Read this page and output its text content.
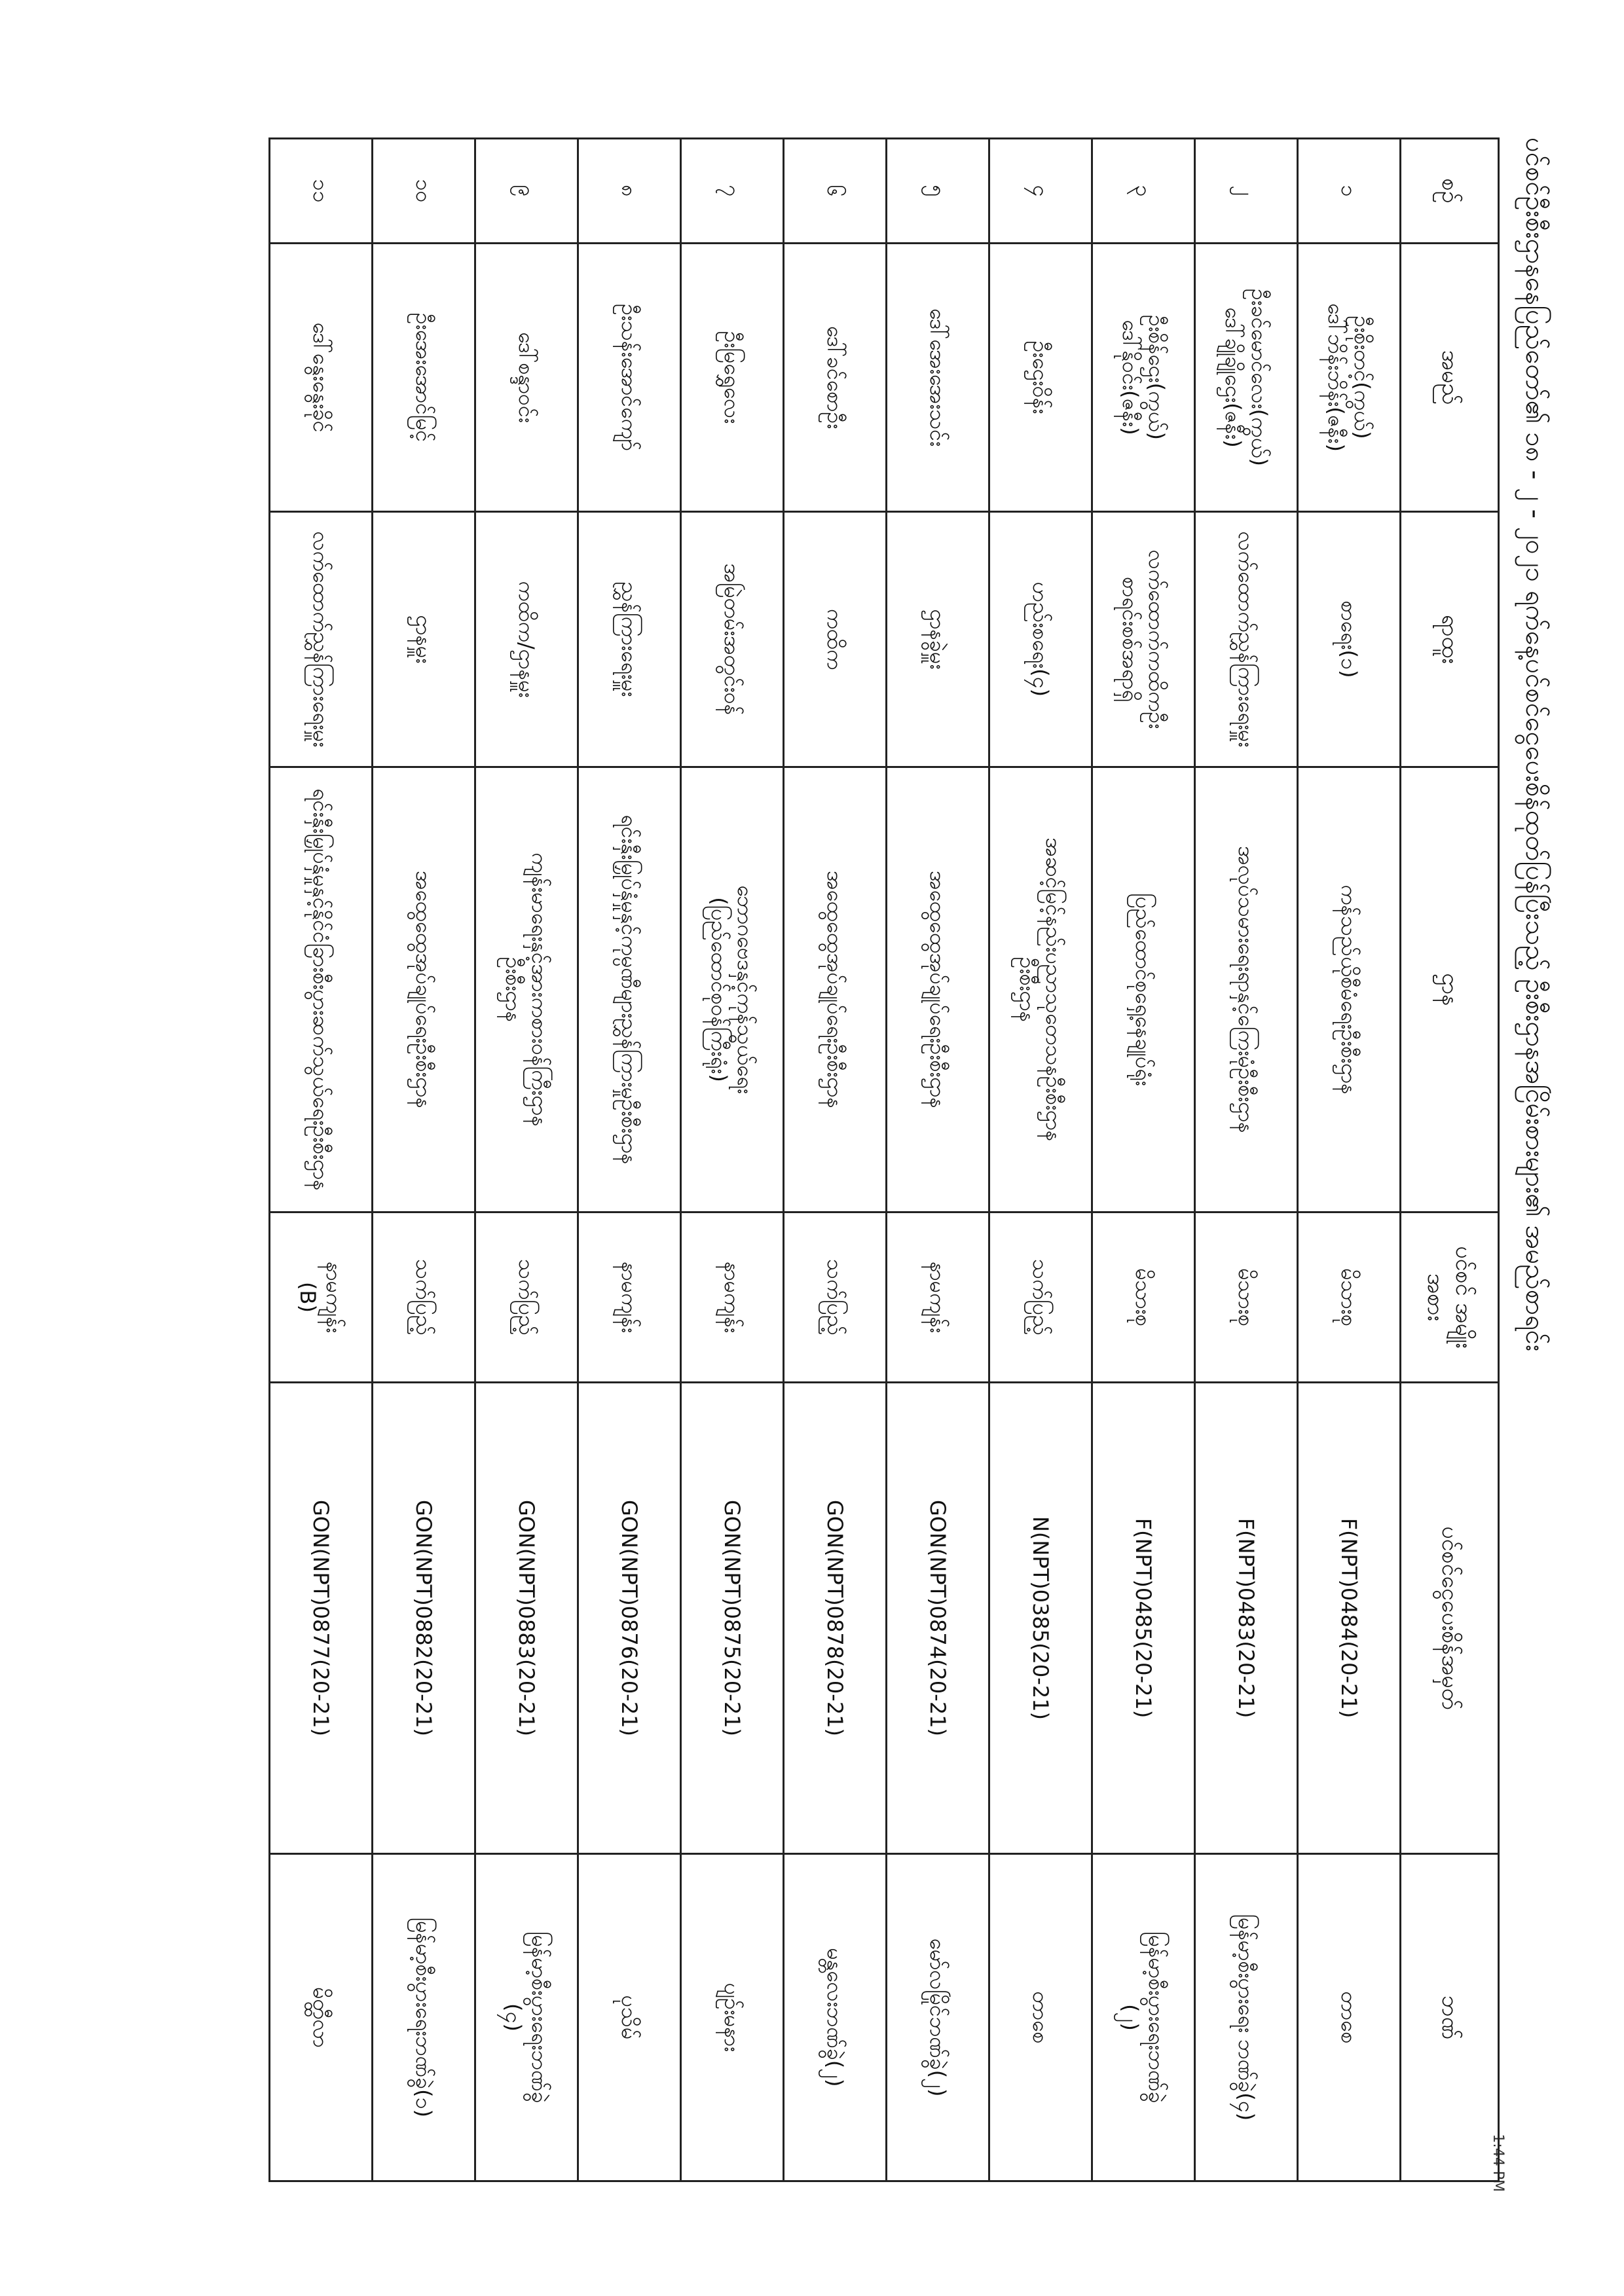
ပင်စင်ဦးစီးဌာနနေပြည်တော်၏ ၁၈ - ၂ - ၂၀၂၁ ရက်နေ့ပင်စင်ငွေပေးစိန်ထုတ်ပြန်ပြီးသည့် ဦးစီးဌာနအငြိမ်းစားများ၏ အမည်စာရင်း
1:44 PM
စဉ်	အမည်	ရာထူး	ဌာန	ပင်စင် အမျိုးအစား	ပင်စင်ငွေပေးစိန်အမှတ်	ဘဏ်
၁	ဦးစိုးတင့်(ကွယ်)
ဒေါ်ဘိန်းဘိန်း(ဇနီး)	စာရေး(၁)	ကန်သည်ယိုစီမံရေးဦးစီးဌာန	မိသားစု	F(NPT)0484(20-21)	တာစေ

၂	ဦးခင်မောင်လေး(ကွယ်)
ဒေါ်ချိုချိုဌေး(ဇနီး)	လက်ထောက်ညွှန်ကြားရေးမှူး	အလုပ်သမားရေးရာနှင့်ကြေးမုံဦးစီးဌာန	မိသားစု	F(NPT)0483(20-21)	မြန်မာ့စီးပွားရေး ဘဏ်ခွဲ(၄)

၃	ဦးစိန်ဌေး(ကွယ်)
ဒေါ်နိုဝင်း(ဇနီး)	လက်ထောက်ကထိကဦး
စာရင်းစစ်အရာရှိ	ပြည်ထောင်စုရှေ့နေချုပ်ရုံး	မိသားစု	F(NPT)0485(20-21)	မြန်မာ့စီးပွားရေးဘဏ်ခွဲ
(၂)

၄	ဦးဌေးဝိန်း	ဟည်းစရေး(၄)	အဆင့်မြင့်နည်းပညာသုတေသနဦးစီးဌာန
ဦးစီးဌာန	သက်ပြည့်	N(NPT)0385(20-21)	တာစေ

၅	ဒေါ်အေးအေးသင်း	ဌာနခွဲမှူး	အထွေထွေအုပ်ချုပ်ရေးဦးစီးဌာန	နာမကျန်း	GON(NPT)0874(20-21)	မော်လမြိုင်ဘဏ်ခွဲ(၂)

၆	ဒေါ်ခင်စောဦး	ကထိက	အထွေထွေအုပ်ချုပ်ရေးဦးစီးဌာန	သက်ပြည့်	GON(NPT)0878(20-21)	မန္တလေးဘဏ်ခွဲ(၂)

၇	ဦးမြရွှေလေး	အမြဲတမ်းအတွင်းဝန်	ဘောဂဗေဒနှင့်ကုန်သွယ်ရေး
(ပြည်ထောင်စုဝန်ကြီးရုံး)	နာမကျန်း	GON(NPT)0875(20-21)	ပျဉ်းမနား

၈	ဦးသန်းအောင်ကျော်	ညွှန်ကြားရေးမှူး	ရင်းနှီးမြှုပ်နှံမှုနှင့်ကုမ္ပဏီများညွှန်ကြားမှုဦးစီးဌာန	နာမကျန်း	GON(NPT)0876(20-21)	ပုသိမ်

၉	ဒေါ်စန္ဒာဝင်း	ကထိက/ဌာနမှူး	ကျန်းမာရေးနှင့်အားကစားဝန်ကြီးဌာန
ဦးစီးဌာန	သက်ပြည့်	GON(NPT)0883(20-21)	မြန်မာ့စီးပွားရေးဘဏ်ခွဲ
(၄)

၁၀	ဦးအေးအောင်မြင့်	ဌာနမှူး	အထွေထွေအုပ်ချုပ်ရေးဦးစီးဌာန	သက်ပြည့်	GON(NPT)0882(20-21)	မြန်မာ့စီးပွားရေးဘဏ်ခွဲ(၁)

၁၁	ဒေါ်နွေးနွေးခိုင်	လက်ထောက်ညွှန်ကြားရေးမှူး	ရင်းနှီးမြှုပ်နှံမှုနှင့်နိုင်ငံခြားစီးပွားဆက်သွယ်ရေးဦးစီးဌာန	နာမကျန်း
(B)	GON(NPT)0877(20-21)	မိတ္ထီလာ
